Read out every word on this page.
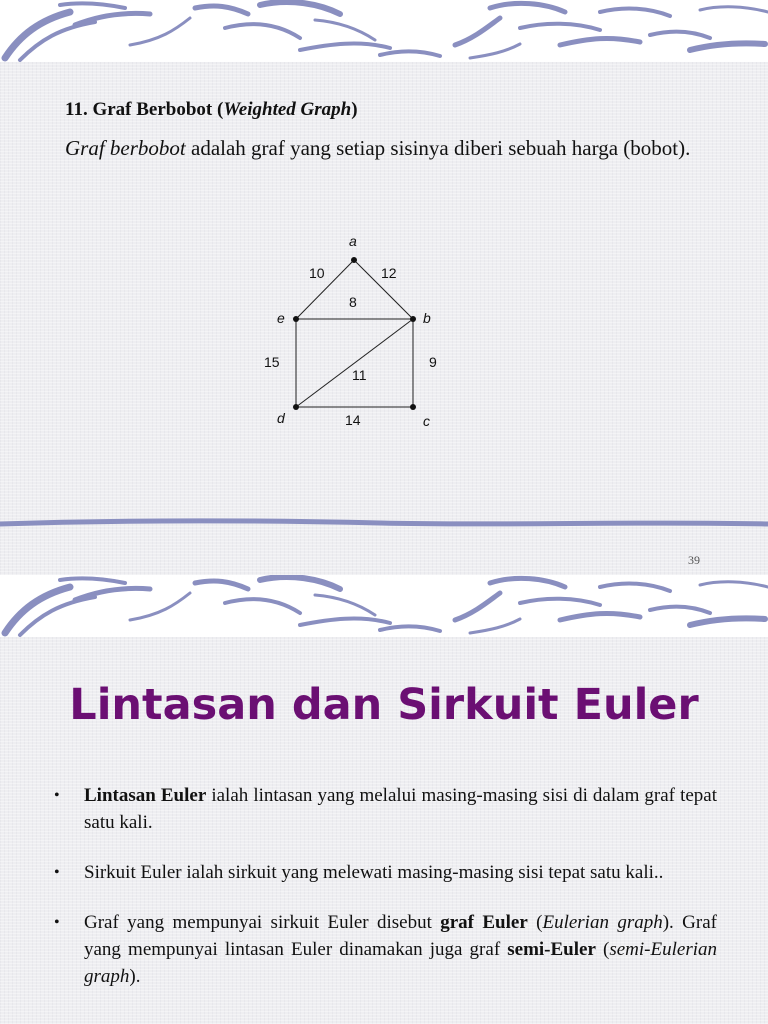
11. Graf Berbobot (Weighted Graph)

Graf berbobot adalah graf yang setiap sisinya diberi sebuah harga (bobot).

a
b
c
d
e
10	12
8
15	9
11
14
39
Lintasan dan Sirkuit Euler
• Lintasan Euler ialah lintasan yang melalui masing-masing sisi di dalam graf tepat satu kali.
• Sirkuit Euler ialah sirkuit yang melewati masing-masing sisi tepat satu kali..
• Graf yang mempunyai sirkuit Euler disebut graf Euler (Eulerian graph). Graf yang mempunyai lintasan Euler dinamakan juga graf semi-Euler (semi-Eulerian graph).
